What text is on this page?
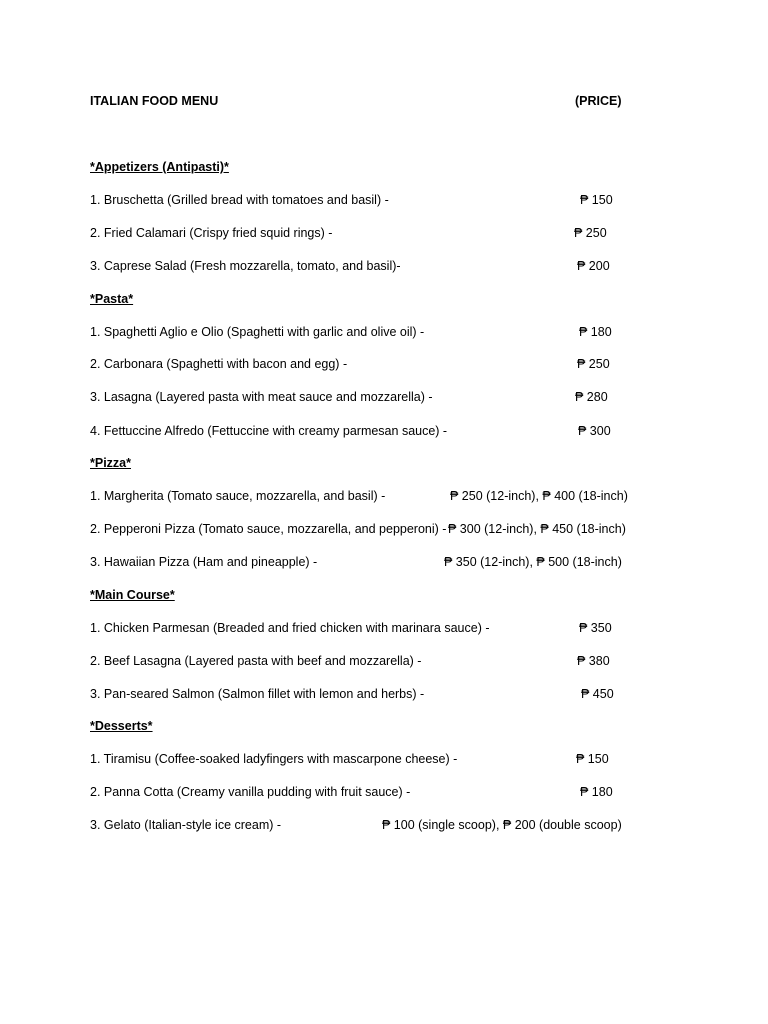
ITALIAN FOOD MENU	(PRICE)
*Appetizers (Antipasti)*
1. Bruschetta (Grilled bread with tomatoes and basil) -	₱ 150
2. Fried Calamari (Crispy fried squid rings) -	₱ 250
3. Caprese Salad (Fresh mozzarella, tomato, and basil)-	₱ 200
*Pasta*
1. Spaghetti Aglio e Olio (Spaghetti with garlic and olive oil) -	₱ 180
2. Carbonara (Spaghetti with bacon and egg) -	₱ 250
3. Lasagna (Layered pasta with meat sauce and mozzarella) -	₱ 280
4. Fettuccine Alfredo (Fettuccine with creamy parmesan sauce) -	₱ 300
*Pizza*
1. Margherita (Tomato sauce, mozzarella, and basil) -	₱ 250 (12-inch), ₱ 400 (18-inch)
2. Pepperoni Pizza (Tomato sauce, mozzarella, and pepperoni) - ₱ 300 (12-inch), ₱ 450 (18-inch)
3. Hawaiian Pizza (Ham and pineapple) -	₱ 350 (12-inch), ₱ 500 (18-inch)
*Main Course*
1. Chicken Parmesan (Breaded and fried chicken with marinara sauce) -	₱ 350
2. Beef Lasagna (Layered pasta with beef and mozzarella) -	₱ 380
3. Pan-seared Salmon (Salmon fillet with lemon and herbs) -	₱ 450
*Desserts*
1. Tiramisu (Coffee-soaked ladyfingers with mascarpone cheese) -	₱ 150
2. Panna Cotta (Creamy vanilla pudding with fruit sauce) -	₱ 180
3. Gelato (Italian-style ice cream) -	₱ 100 (single scoop), ₱ 200 (double scoop)
